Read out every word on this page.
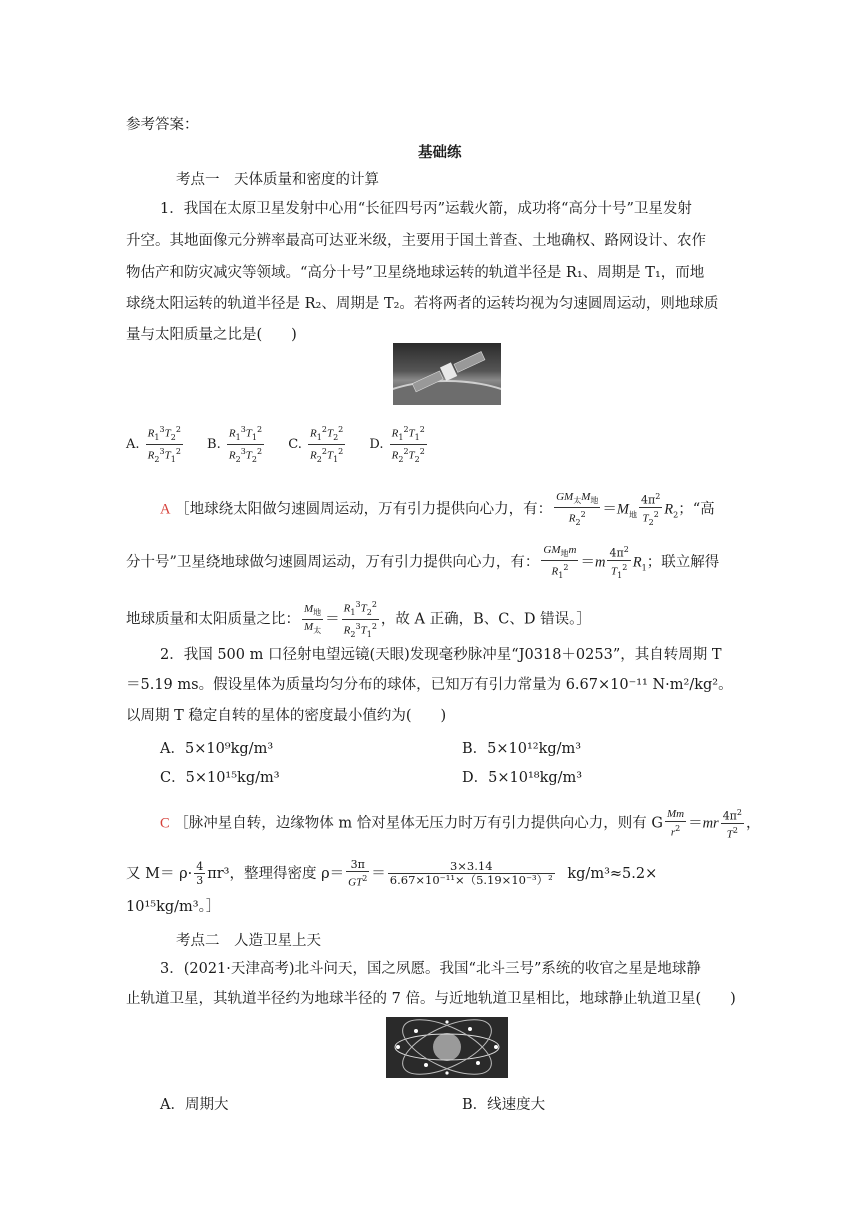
参考答案：
基础练
考点一　天体质量和密度的计算
1．我国在太原卫星发射中心用“长征四号丙”运载火箭，成功将“高分十号”卫星发射
升空。其地面像元分辨率最高可达亚米级，主要用于国土普查、土地确权、路网设计、农作
物估产和防灾减灾等领域。“高分十号”卫星绕地球运转的轨道半径是 R₁、周期是 T₁，而地
球绕太阳运转的轨道半径是 R₂、周期是 T₂。若将两者的运转均视为匀速圆周运动，则地球质
量与太阳质量之比是(　　)
A. $\frac{R_1^3T_2^2}{R_2^3T_1^2} B$. $\frac{R_1^3T_1^2}{R_2^3T_2^2} C$. $\frac{R_1^2T_2^2}{R_2^2T_1^2} D$. $\frac{R_1^2T_1^2}{R_2^2T_2^2}$
A ［地球绕太阳做匀速圆周运动，万有引力提供向心力，有： $\frac{GM_太M_地}{R_2^2} =M_地 \frac{4\pi^2}{T_2^2} R_2$；“高
分十号”卫星绕地球做匀速圆周运动，万有引力提供向心力，有： $\frac{GM_地m}{R_1^2} =m \frac{4\pi^2}{T_1^2} R_1$；联立解得
地球质量和太阳质量之比： $\frac{M_地}{M_太} = \frac{R_1^3T_2^2}{R_2^3T_1^2}$ ，故 A 正确，B、C、D 错误。］
2．我国 500 m 口径射电望远镜(天眼)发现毫秒脉冲星“J0318＋0253”，其自转周期 T
＝5.19 ms。假设星体为质量均匀分布的球体，已知万有引力常量为 6.67×10⁻¹¹ N·m²/kg²。
以周期 T 稳定自转的星体的密度最小值约为(　　)
A．5×10⁹kg/m³	B．5×10¹²kg/m³
C．5×10¹⁵kg/m³	D．5×10¹⁸kg/m³
C ［脉冲星自转，边缘物体 m 恰对星体无压力时万有引力提供向心力，则有 G $\frac{Mm}{r^2} =mr \frac{4\pi^2}{T^2}$ ，
又 $M= \rho\cdot \frac{4}{3} \pi r^3$，整理得密度 $\rho= \frac{3\pi}{GT^2} = \frac{3\times 3.14}{\text{6.67×10⁻¹¹×（5.19×10⁻³）²}} kg/m^3\approx 5.2\times$
10¹⁵kg/m³。］
考点二　人造卫星上天
3．(2021·天津高考)北斗问天，国之夙愿。我国“北斗三号”系统的收官之星是地球静
止轨道卫星，其轨道半径约为地球半径的 7 倍。与近地轨道卫星相比，地球静止轨道卫星(　　)
A．周期大	B．线速度大
